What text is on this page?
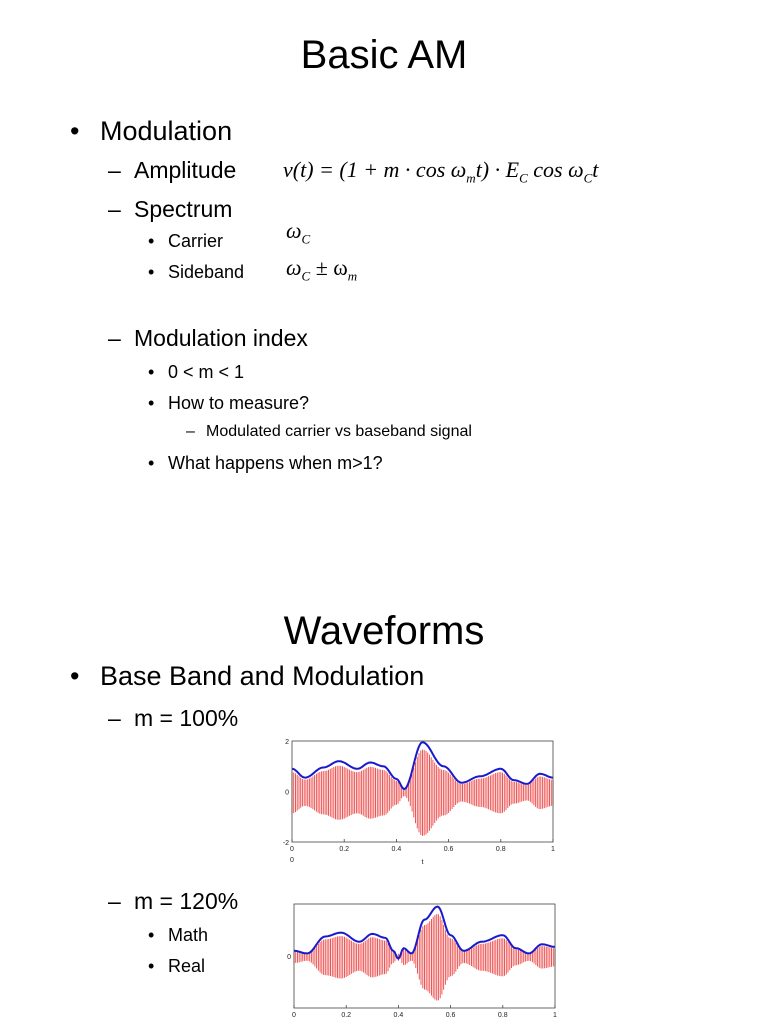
Basic AM
• Modulation
– Amplitude $v(t) = (1 + m \cdot \cos \omega_mt) \cdot E_C$ $\cos \omega_Ct$
– Spectrum
• Carrier	$\omega_C$
• Sideband $\omega_C \pm \omega_m$
– Modulation index
• 0 < m < 1
• How to measure?
– Modulated carrier vs baseband signal
• What happens when m>1?
Waveforms
• Base Band and Modulation
– m = 100%
– m = 120%
• Math
• Real
0	0.2	0.4	0.6	0.8	1
0	t
2
0
-2
0	0.2	0.4	0.6	0.8	1
0
